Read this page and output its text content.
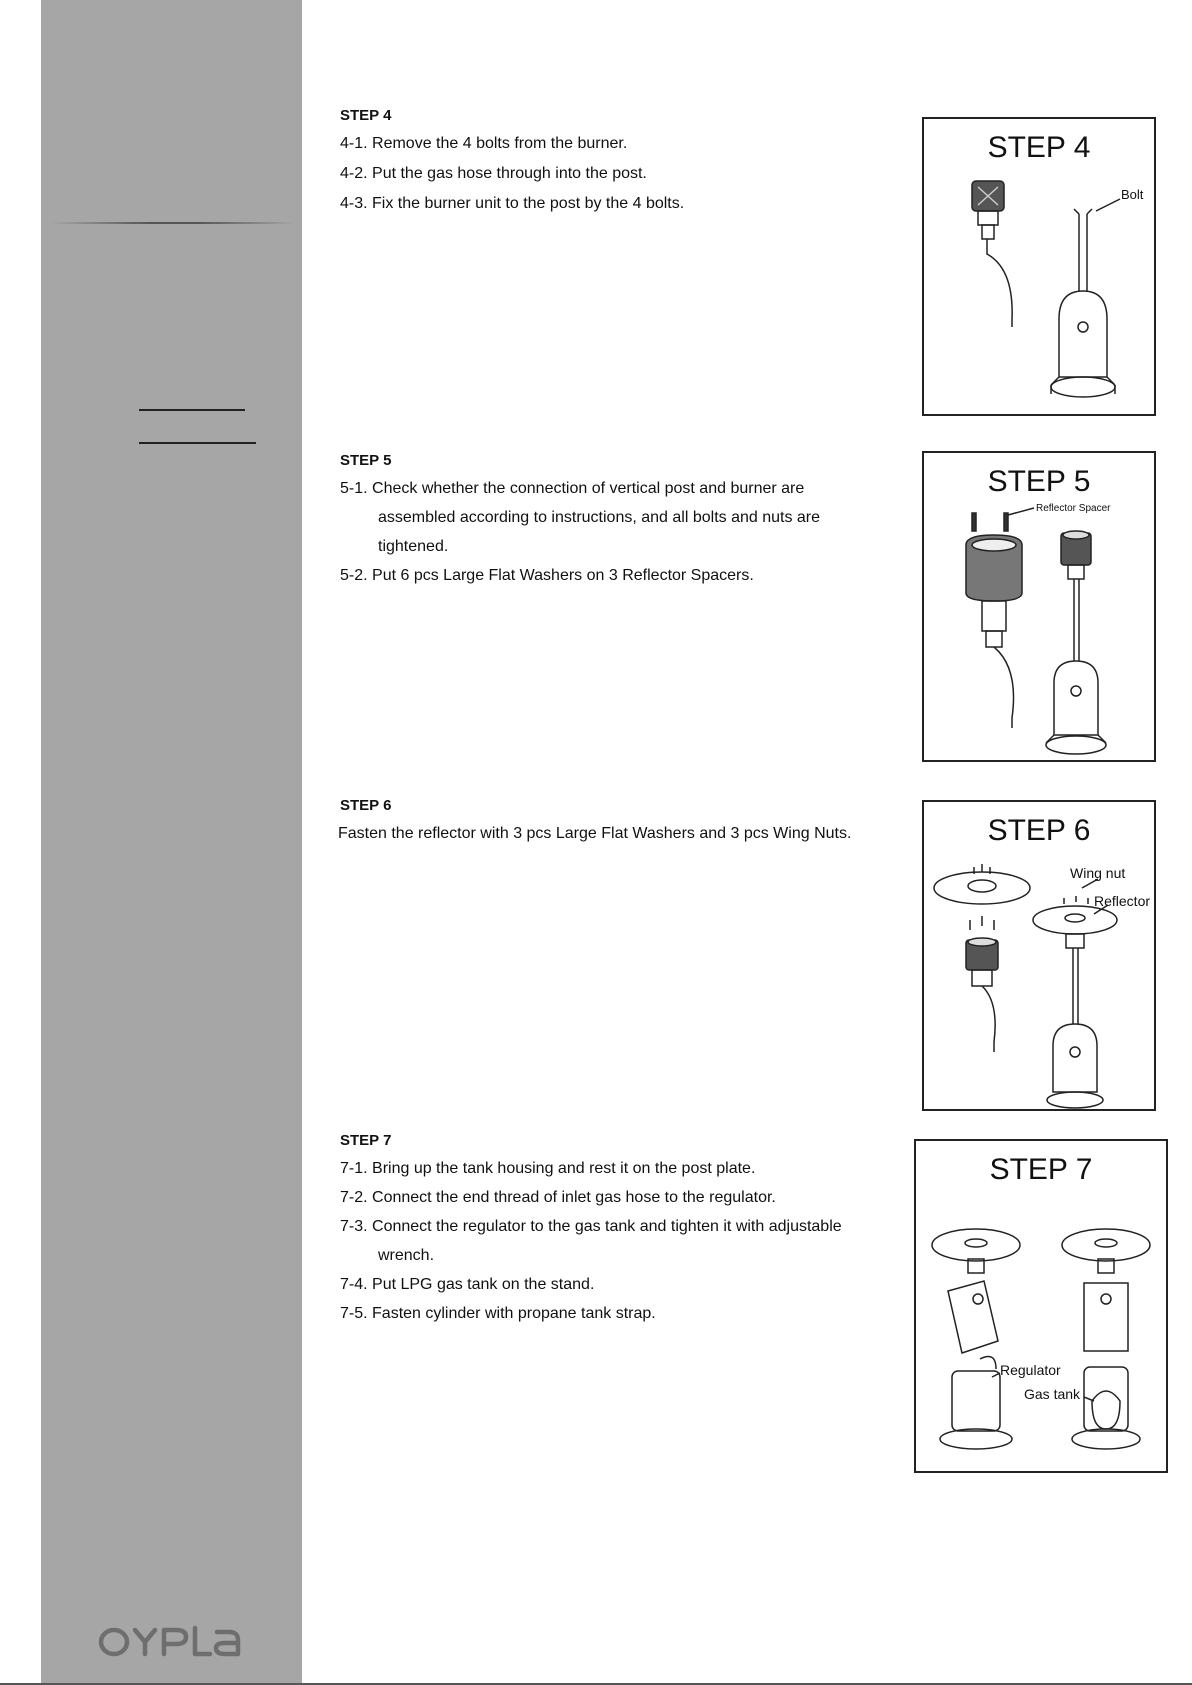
STEP 4
4-1. Remove the 4 bolts from the burner.
4-2. Put the gas hose through into the post.
4-3. Fix the burner unit to the post by the 4 bolts.
STEP 4
Bolt
STEP 5
5-1. Check whether the connection of vertical post and burner are
assembled according to instructions, and all bolts and nuts are
tightened.
5-2. Put 6 pcs Large Flat Washers on 3 Reflector Spacers.
STEP 5
Reflector Spacer
STEP 6
Fasten the reflector with 3 pcs Large Flat Washers and 3 pcs Wing Nuts.	STEP 6
Wing nut
Reflector
STEP 7
7-1. Bring up the tank housing and rest it on the post plate.
7-2. Connect the end thread of inlet gas hose to the regulator.
7-3. Connect the regulator to the gas tank and tighten it with adjustable
wrench.
7-4. Put LPG gas tank on the stand.
7-5. Fasten cylinder with propane tank strap.
STEP 7
Regulator
Gas tank
